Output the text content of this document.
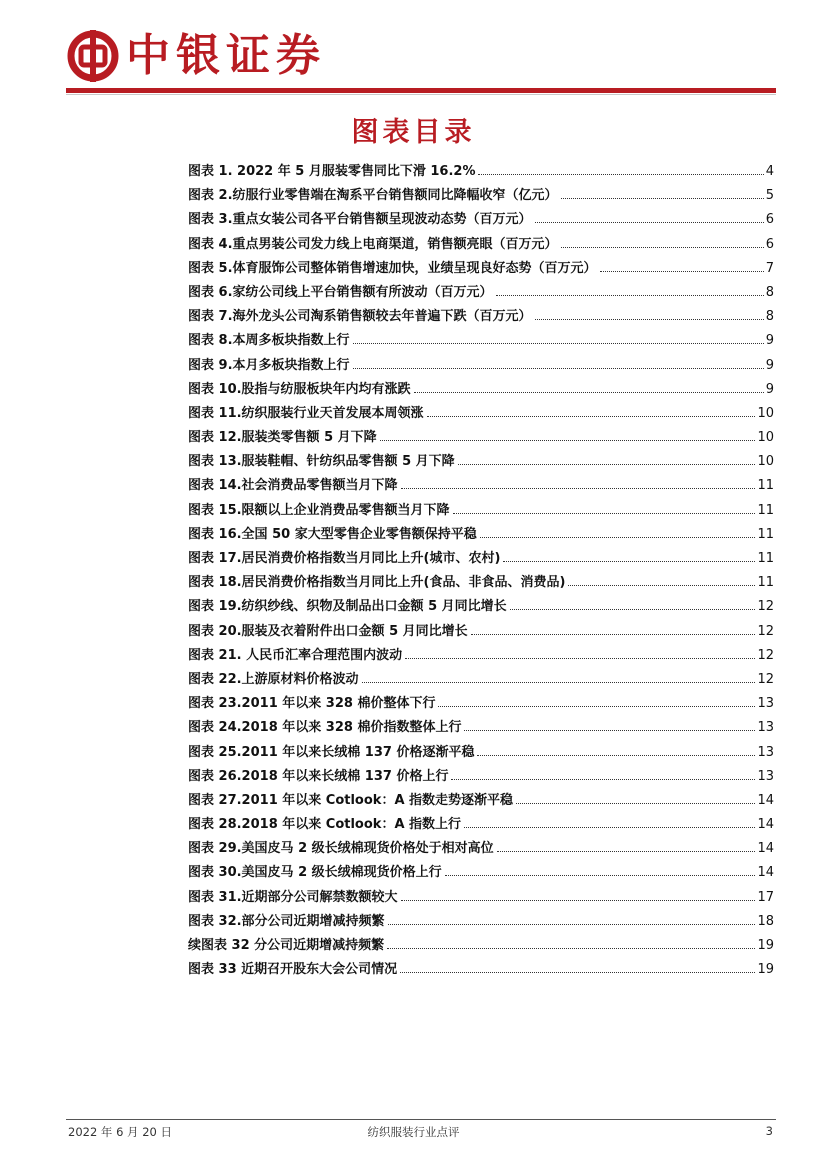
中银证券
图表目录
图表 1. 2022 年 5 月服装零售同比下滑 16.2%	4
图表 2.纺服行业零售端在淘系平台销售额同比降幅收窄（亿元）	5
图表 3.重点女装公司各平台销售额呈现波动态势（百万元）	6
图表 4.重点男装公司发力线上电商渠道，销售额亮眼（百万元）	6
图表 5.体育服饰公司整体销售增速加快，业绩呈现良好态势（百万元）	7
图表 6.家纺公司线上平台销售额有所波动（百万元）	8
图表 7.海外龙头公司淘系销售额较去年普遍下跌（百万元）	8
图表 8.本周多板块指数上行	9
图表 9.本月多板块指数上行	9
图表 10.股指与纺服板块年内均有涨跌	9
图表 11.纺织服装行业天首发展本周领涨	10
图表 12.服装类零售额 5 月下降	10
图表 13.服装鞋帽、针纺织品零售额 5 月下降	10
图表 14.社会消费品零售额当月下降	11
图表 15.限额以上企业消费品零售额当月下降	11
图表 16.全国 50 家大型零售企业零售额保持平稳	11
图表 17.居民消费价格指数当月同比上升(城市、农村)	11
图表 18.居民消费价格指数当月同比上升(食品、非食品、消费品)	11
图表 19.纺织纱线、织物及制品出口金额 5 月同比增长	12
图表 20.服装及衣着附件出口金额 5 月同比增长	12
图表 21. 人民币汇率合理范围内波动	12
图表 22.上游原材料价格波动	12
图表 23.2011 年以来 328 棉价整体下行	13
图表 24.2018 年以来 328 棉价指数整体上行	13
图表 25.2011 年以来长绒棉 137 价格逐渐平稳	13
图表 26.2018 年以来长绒棉 137 价格上行	13
图表 27.2011 年以来 Cotlook：A 指数走势逐渐平稳	14
图表 28.2018 年以来 Cotlook：A 指数上行	14
图表 29.美国皮马 2 级长绒棉现货价格处于相对高位	14
图表 30.美国皮马 2 级长绒棉现货价格上行	14
图表 31.近期部分公司解禁数额较大	17
图表 32.部分公司近期增减持频繁	18
续图表 32 分公司近期增减持频繁	19
图表 33 近期召开股东大会公司情况	19
2022 年 6 月 20 日	纺织服装行业点评	3
